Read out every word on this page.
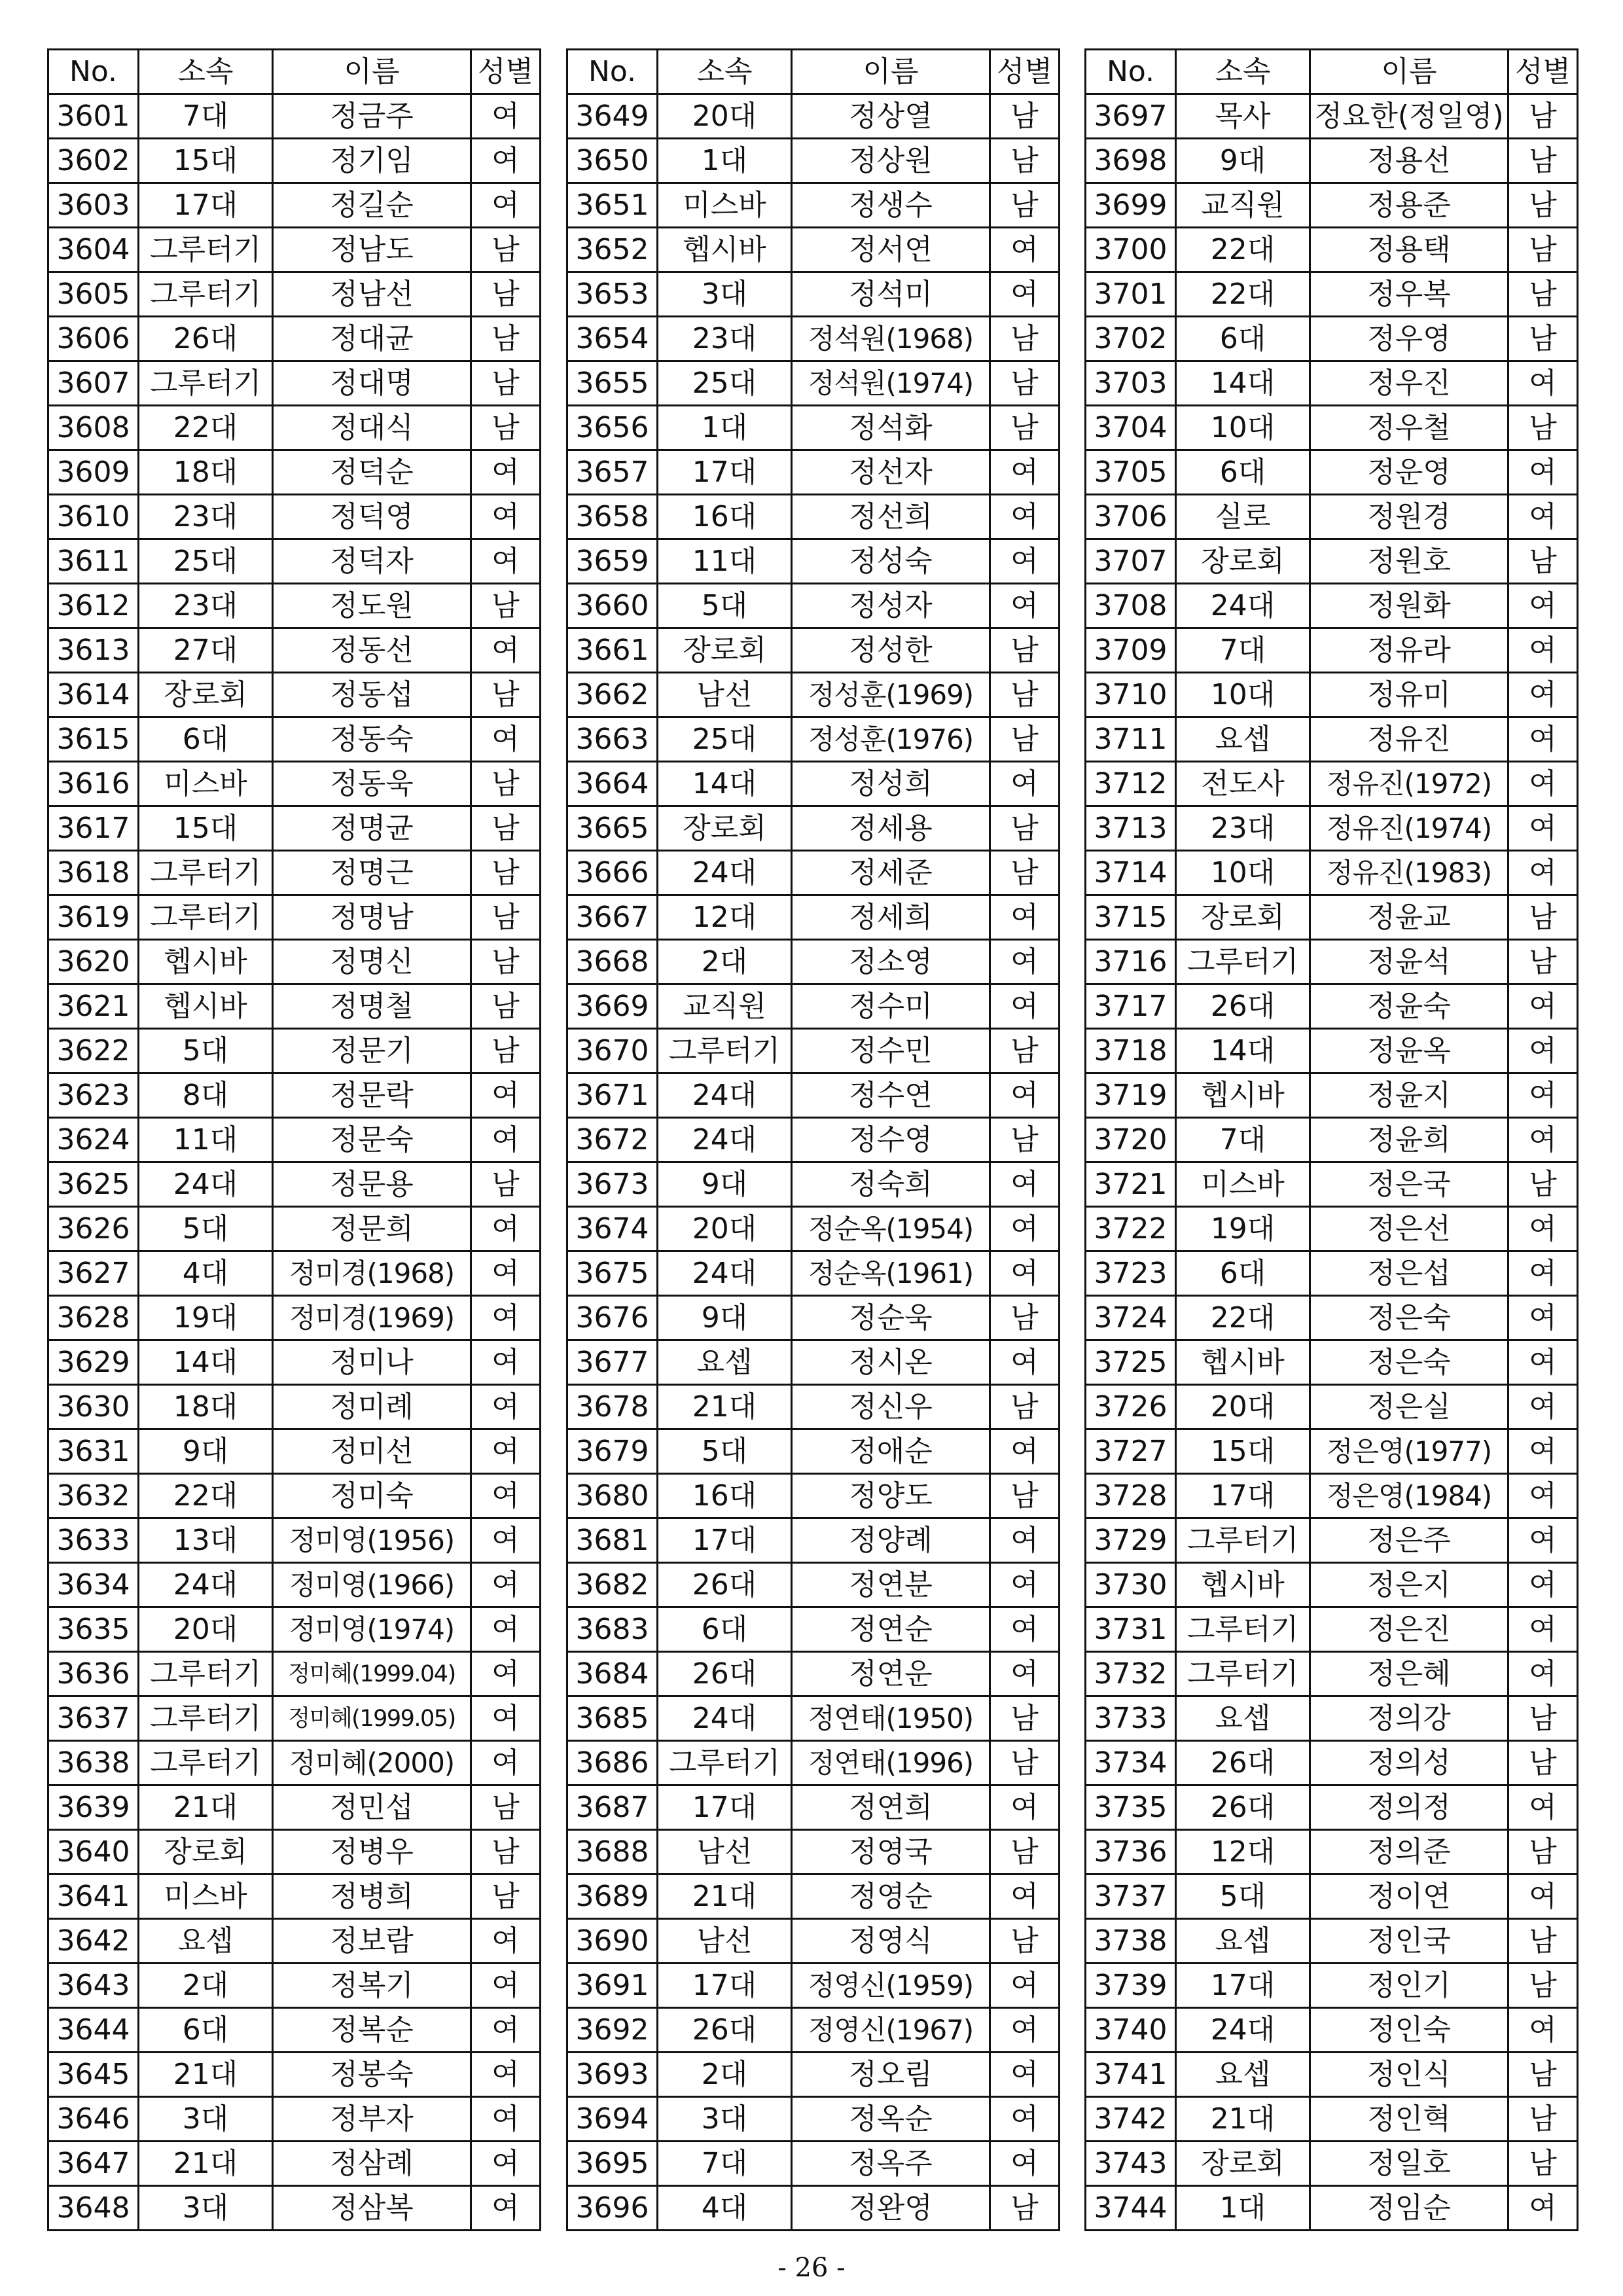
No.	소속	이름	성별
3601	7대	정금주	여
3602	15대	정기임	여
3603	17대	정길순	여
3604	그루터기	정남도	남
3605	그루터기	정남선	남
3606	26대	정대균	남
3607	그루터기	정대명	남
3608	22대	정대식	남
3609	18대	정덕순	여
3610	23대	정덕영	여
3611	25대	정덕자	여
3612	23대	정도원	남
3613	27대	정동선	여
3614	장로회	정동섭	남
3615	6대	정동숙	여
3616	미스바	정동욱	남
3617	15대	정명균	남
3618	그루터기	정명근	남
3619	그루터기	정명남	남
3620	헵시바	정명신	남
3621	헵시바	정명철	남
3622	5대	정문기	남
3623	8대	정문락	여
3624	11대	정문숙	여
3625	24대	정문용	남
3626	5대	정문희	여
3627	4대	정미경(1968)	여
3628	19대	정미경(1969)	여
3629	14대	정미나	여
3630	18대	정미례	여
3631	9대	정미선	여
3632	22대	정미숙	여
3633	13대	정미영(1956)	여
3634	24대	정미영(1966)	여
3635	20대	정미영(1974)	여
3636	그루터기	정미혜(1999.04)	여
3637	그루터기	정미혜(1999.05)	여
3638	그루터기	정미혜(2000)	여
3639	21대	정민섭	남
3640	장로회	정병우	남
3641	미스바	정병희	남
3642	요셉	정보람	여
3643	2대	정복기	여
3644	6대	정복순	여
3645	21대	정봉숙	여
3646	3대	정부자	여
3647	21대	정삼례	여
3648	3대	정삼복	여
No.	소속	이름	성별
3649	20대	정상열	남
3650	1대	정상원	남
3651	미스바	정생수	남
3652	헵시바	정서연	여
3653	3대	정석미	여
3654	23대	정석원(1968)	남
3655	25대	정석원(1974)	남
3656	1대	정석화	남
3657	17대	정선자	여
3658	16대	정선희	여
3659	11대	정성숙	여
3660	5대	정성자	여
3661	장로회	정성한	남
3662	남선	정성훈(1969)	남
3663	25대	정성훈(1976)	남
3664	14대	정성희	여
3665	장로회	정세용	남
3666	24대	정세준	남
3667	12대	정세희	여
3668	2대	정소영	여
3669	교직원	정수미	여
3670	그루터기	정수민	남
3671	24대	정수연	여
3672	24대	정수영	남
3673	9대	정숙희	여
3674	20대	정순옥(1954)	여
3675	24대	정순옥(1961)	여
3676	9대	정순욱	남
3677	요셉	정시온	여
3678	21대	정신우	남
3679	5대	정애순	여
3680	16대	정양도	남
3681	17대	정양례	여
3682	26대	정연분	여
3683	6대	정연순	여
3684	26대	정연운	여
3685	24대	정연태(1950)	남
3686	그루터기	정연태(1996)	남
3687	17대	정연희	여
3688	남선	정영국	남
3689	21대	정영순	여
3690	남선	정영식	남
3691	17대	정영신(1959)	여
3692	26대	정영신(1967)	여
3693	2대	정오림	여
3694	3대	정옥순	여
3695	7대	정옥주	여
3696	4대	정완영	남
No.	소속	이름	성별
3697	목사	정요한(정일영)	남
3698	9대	정용선	남
3699	교직원	정용준	남
3700	22대	정용택	남
3701	22대	정우복	남
3702	6대	정우영	남
3703	14대	정우진	여
3704	10대	정우철	남
3705	6대	정운영	여
3706	실로	정원경	여
3707	장로회	정원호	남
3708	24대	정원화	여
3709	7대	정유라	여
3710	10대	정유미	여
3711	요셉	정유진	여
3712	전도사	정유진(1972)	여
3713	23대	정유진(1974)	여
3714	10대	정유진(1983)	여
3715	장로회	정윤교	남
3716	그루터기	정윤석	남
3717	26대	정윤숙	여
3718	14대	정윤옥	여
3719	헵시바	정윤지	여
3720	7대	정윤희	여
3721	미스바	정은국	남
3722	19대	정은선	여
3723	6대	정은섭	여
3724	22대	정은숙	여
3725	헵시바	정은숙	여
3726	20대	정은실	여
3727	15대	정은영(1977)	여
3728	17대	정은영(1984)	여
3729	그루터기	정은주	여
3730	헵시바	정은지	여
3731	그루터기	정은진	여
3732	그루터기	정은혜	여
3733	요셉	정의강	남
3734	26대	정의성	남
3735	26대	정의정	여
3736	12대	정의준	남
3737	5대	정이연	여
3738	요셉	정인국	남
3739	17대	정인기	남
3740	24대	정인숙	여
3741	요셉	정인식	남
3742	21대	정인혁	남
3743	장로회	정일호	남
3744	1대	정임순	여
- 26 -
